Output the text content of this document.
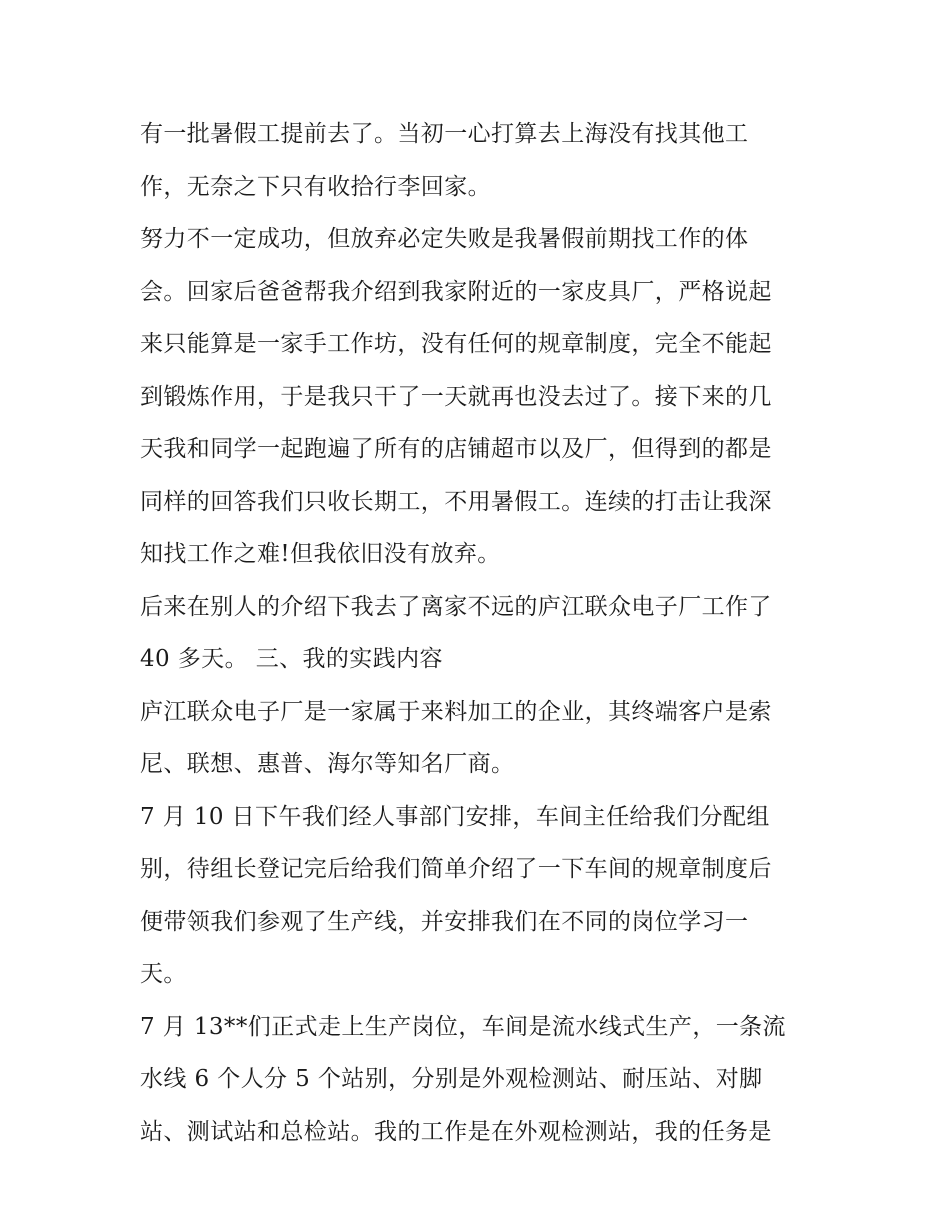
有一批暑假工提前去了。当初一心打算去上海没有找其他工
作，无奈之下只有收拾行李回家。
努力不一定成功，但放弃必定失败是我暑假前期找工作的体
会。回家后爸爸帮我介绍到我家附近的一家皮具厂，严格说起
来只能算是一家手工作坊，没有任何的规章制度，完全不能起
到锻炼作用，于是我只干了一天就再也没去过了。接下来的几
天我和同学一起跑遍了所有的店铺超市以及厂，但得到的都是
同样的回答我们只收长期工，不用暑假工。连续的打击让我深
知找工作之难!但我依旧没有放弃。
后来在别人的介绍下我去了离家不远的庐江联众电子厂工作了
40 多天。 三、我的实践内容
庐江联众电子厂是一家属于来料加工的企业，其终端客户是索
尼、联想、惠普、海尔等知名厂商。
7 月 10 日下午我们经人事部门安排，车间主任给我们分配组
别，待组长登记完后给我们简单介绍了一下车间的规章制度后
便带领我们参观了生产线，并安排我们在不同的岗位学习一
天。
7 月 13**们正式走上生产岗位，车间是流水线式生产，一条流
水线 6 个人分 5 个站别，分别是外观检测站、耐压站、对脚
站、测试站和总检站。我的工作是在外观检测站，我的任务是
